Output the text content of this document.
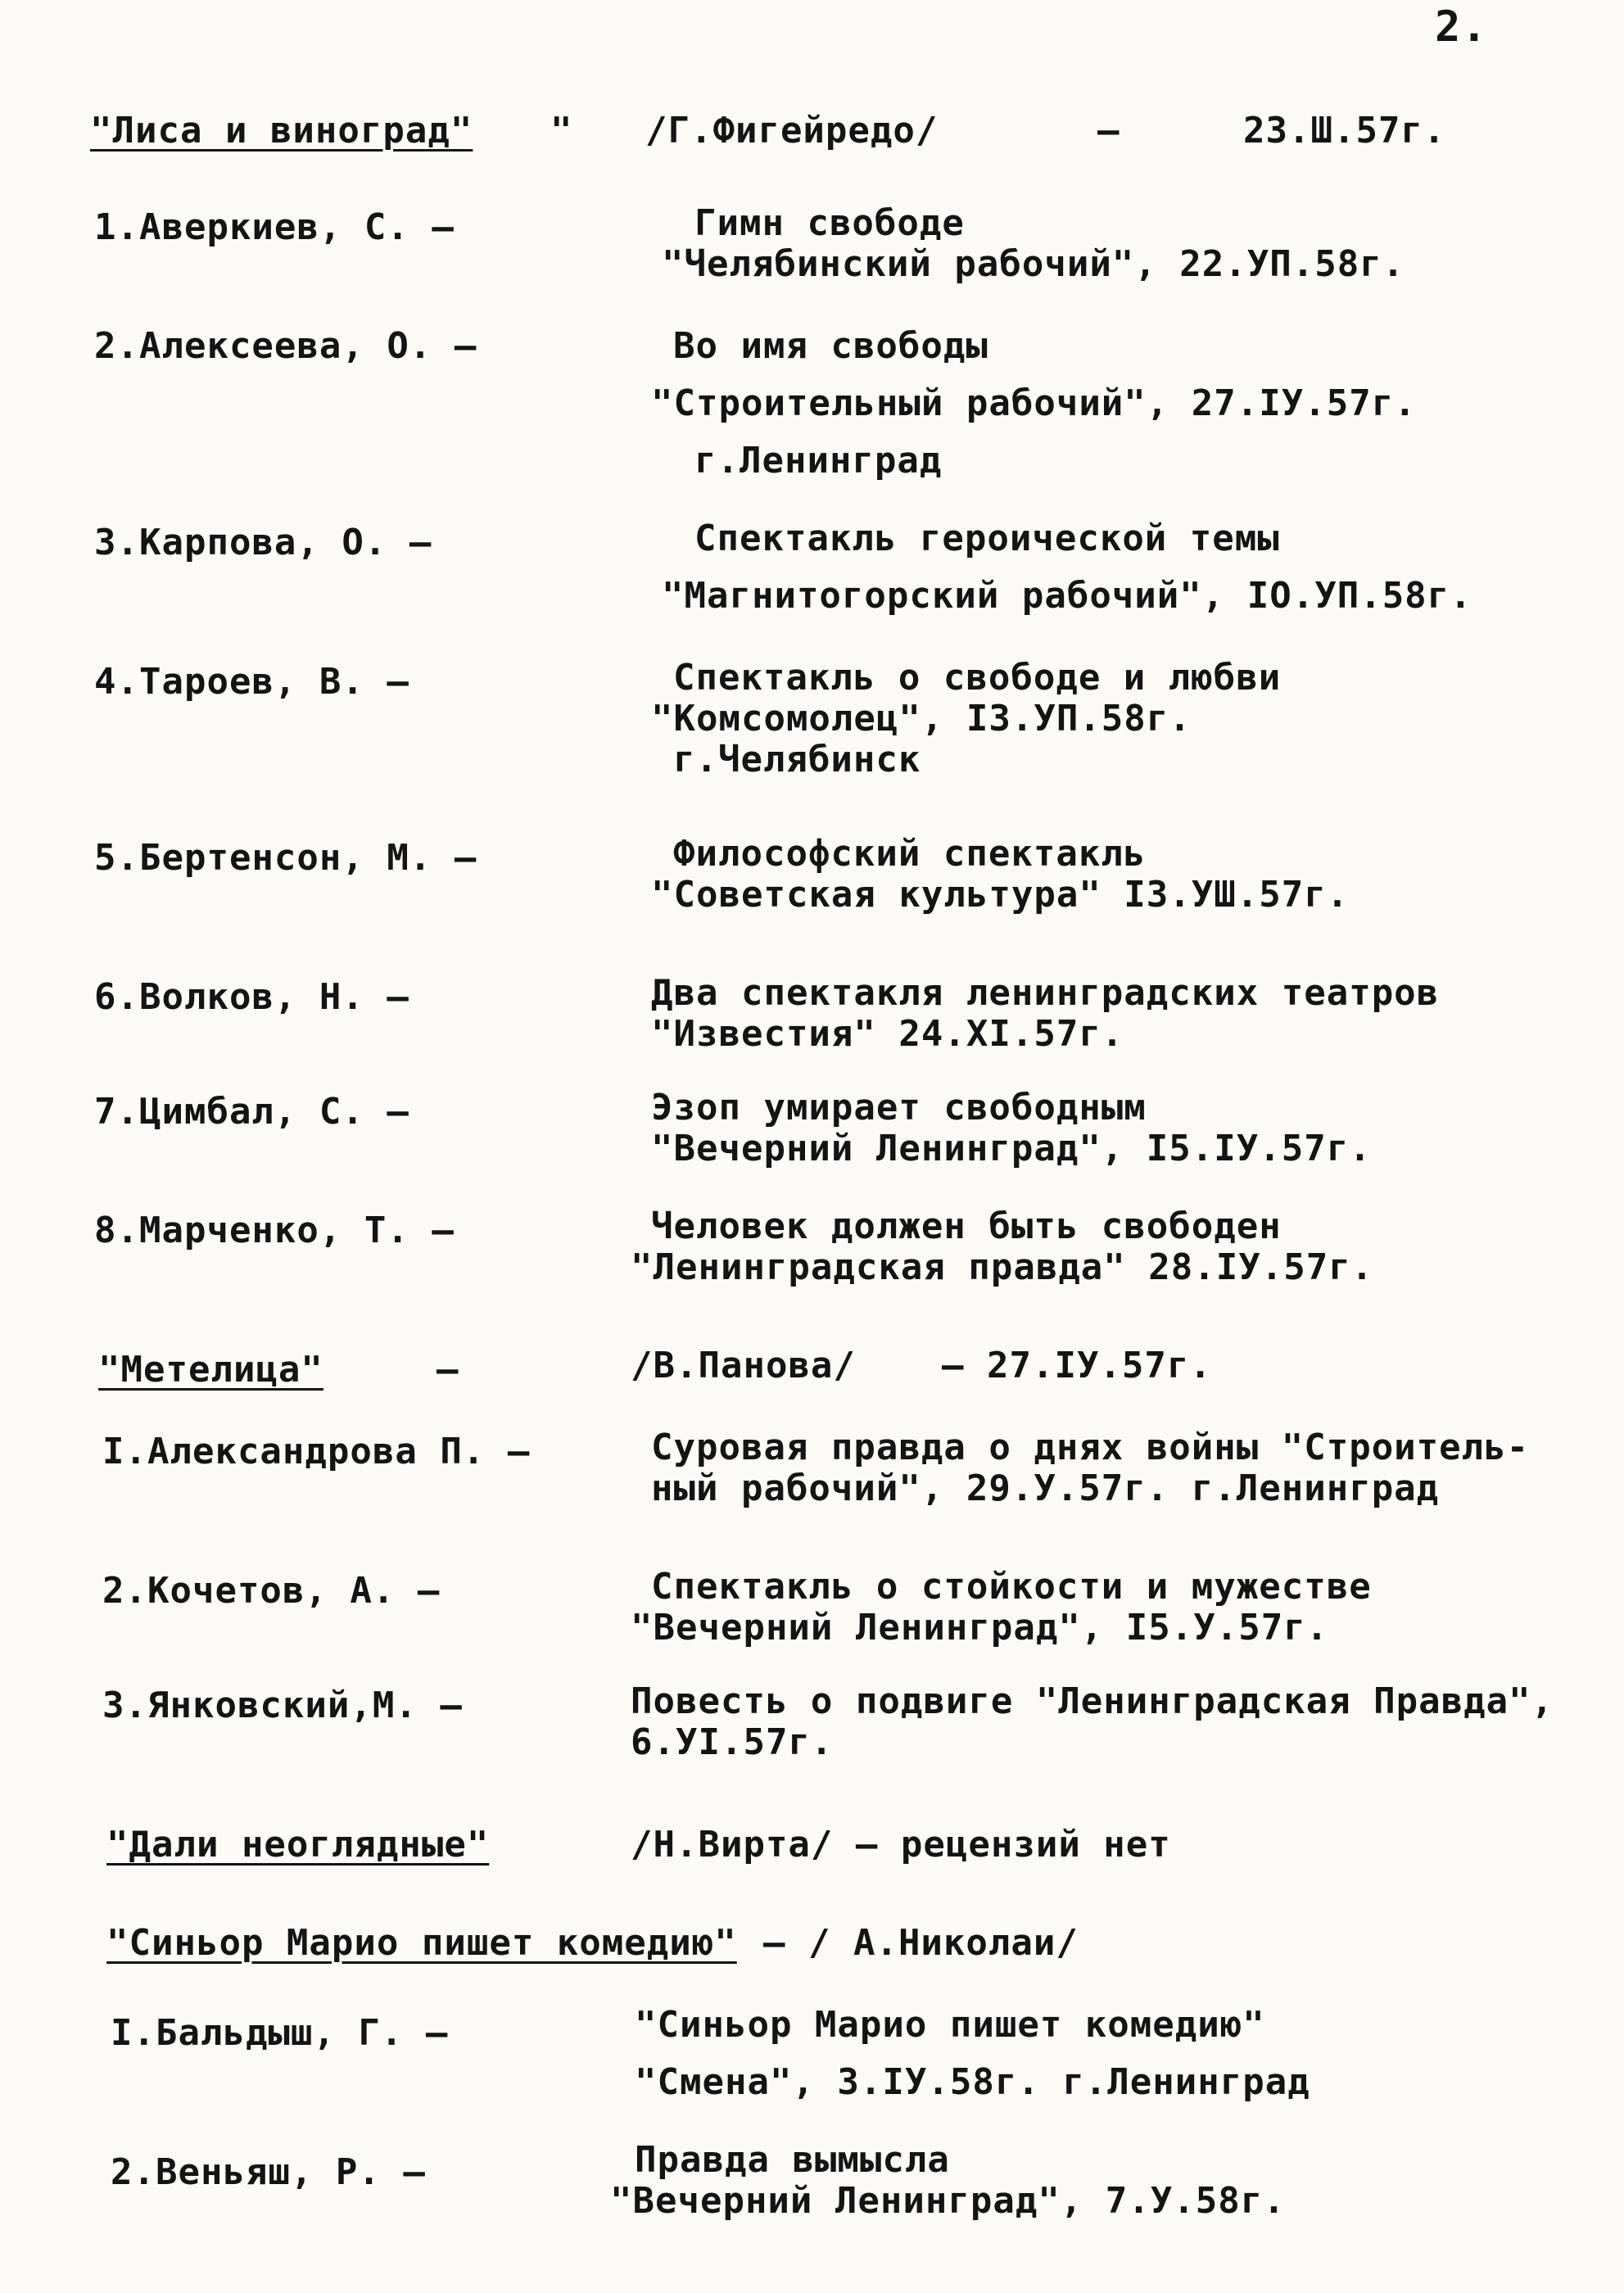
2.
"Лиса и виноград" " /Г.Фигейредо/	–	23.Ш.57г.
1.Аверкиев, С. –	Гимн свободе
"Челябинский рабочий", 22.УП.58г.
2.Алексеева, О. –	Во имя свободы
"Строительный рабочий", 27.IУ.57г.
г.Ленинград
3.Карпова, О. –	Спектакль героической темы
"Магнитогорский рабочий", IО.УП.58г.
4.Тароев, В. –	Спектакль о свободе и любви
"Комсомолец", IЗ.УП.58г.
г.Челябинск
5.Бертенсон, М. –	Философский спектакль
"Советская культура" IЗ.УШ.57г.
6.Волков, Н. –	Два спектакля ленинградских театров
"Известия" 24.XI.57г.
7.Цимбал, С. –	Эзоп умирает свободным
"Вечерний Ленинград", I5.IУ.57г.
8.Марченко, Т. –	Человек должен быть свободен
"Ленинградская правда" 28.IУ.57г.
"Метелица"	–	/В.Панова/ – 27.IУ.57г.
I.Александрова П. –	Суровая правда о днях войны "Строитель-
ный рабочий", 29.У.57г. г.Ленинград
2.Кочетов, А. –	Спектакль о стойкости и мужестве
"Вечерний Ленинград", I5.У.57г.
3.Янковский,М. –	Повесть о подвиге "Ленинградская Правда",
6.УI.57г.
"Дали неоглядные"	/Н.Вирта/ – рецензий нет
"Синьор Марио пишет комедию" – / А.Николаи/
I.Бальдыш, Г. –	"Синьор Марио пишет комедию"
"Смена", 3.IУ.58г. г.Ленинград
2.Веньяш, Р. –	Правда вымысла
"Вечерний Ленинград", 7.У.58г.
